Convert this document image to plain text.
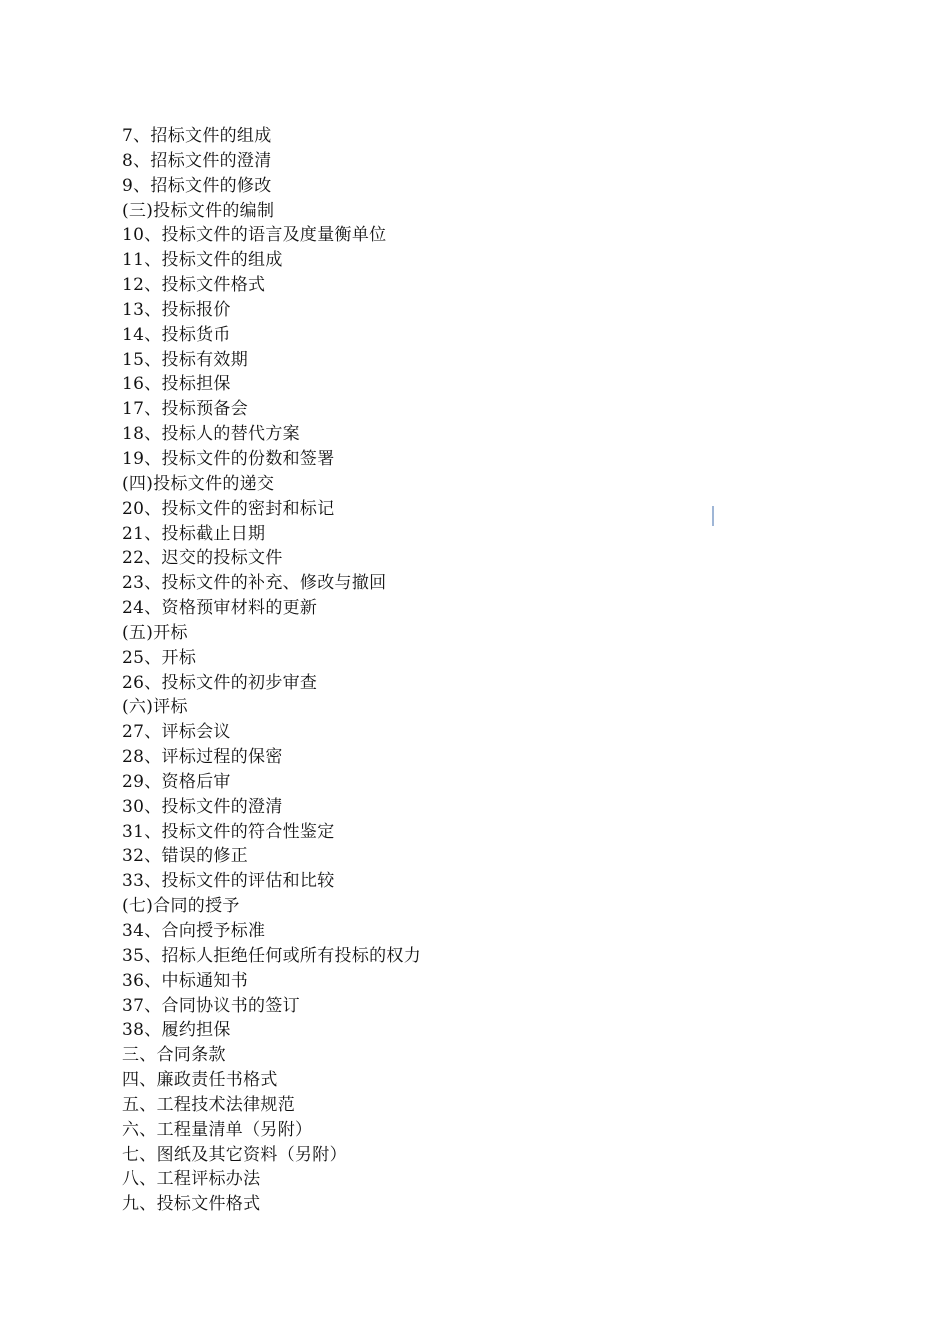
7、招标文件的组成
8、招标文件的澄清
9、招标文件的修改
(三)投标文件的编制
10、投标文件的语言及度量衡单位
11、投标文件的组成
12、投标文件格式
13、投标报价
14、投标货币
15、投标有效期
16、投标担保
17、投标预备会
18、投标人的替代方案
19、投标文件的份数和签署
(四)投标文件的递交
20、投标文件的密封和标记
21、投标截止日期
22、迟交的投标文件
23、投标文件的补充、修改与撤回
24、资格预审材料的更新
(五)开标
25、开标
26、投标文件的初步审查
(六)评标
27、评标会议
28、评标过程的保密
29、资格后审
30、投标文件的澄清
31、投标文件的符合性鉴定
32、错误的修正
33、投标文件的评估和比较
(七)合同的授予
34、合向授予标准
35、招标人拒绝任何或所有投标的权力
36、中标通知书
37、合同协议书的签订
38、履约担保
三、合同条款
四、廉政责任书格式
五、工程技术法律规范
六、工程量清单（另附）
七、图纸及其它资料（另附）
八、工程评标办法
九、投标文件格式
